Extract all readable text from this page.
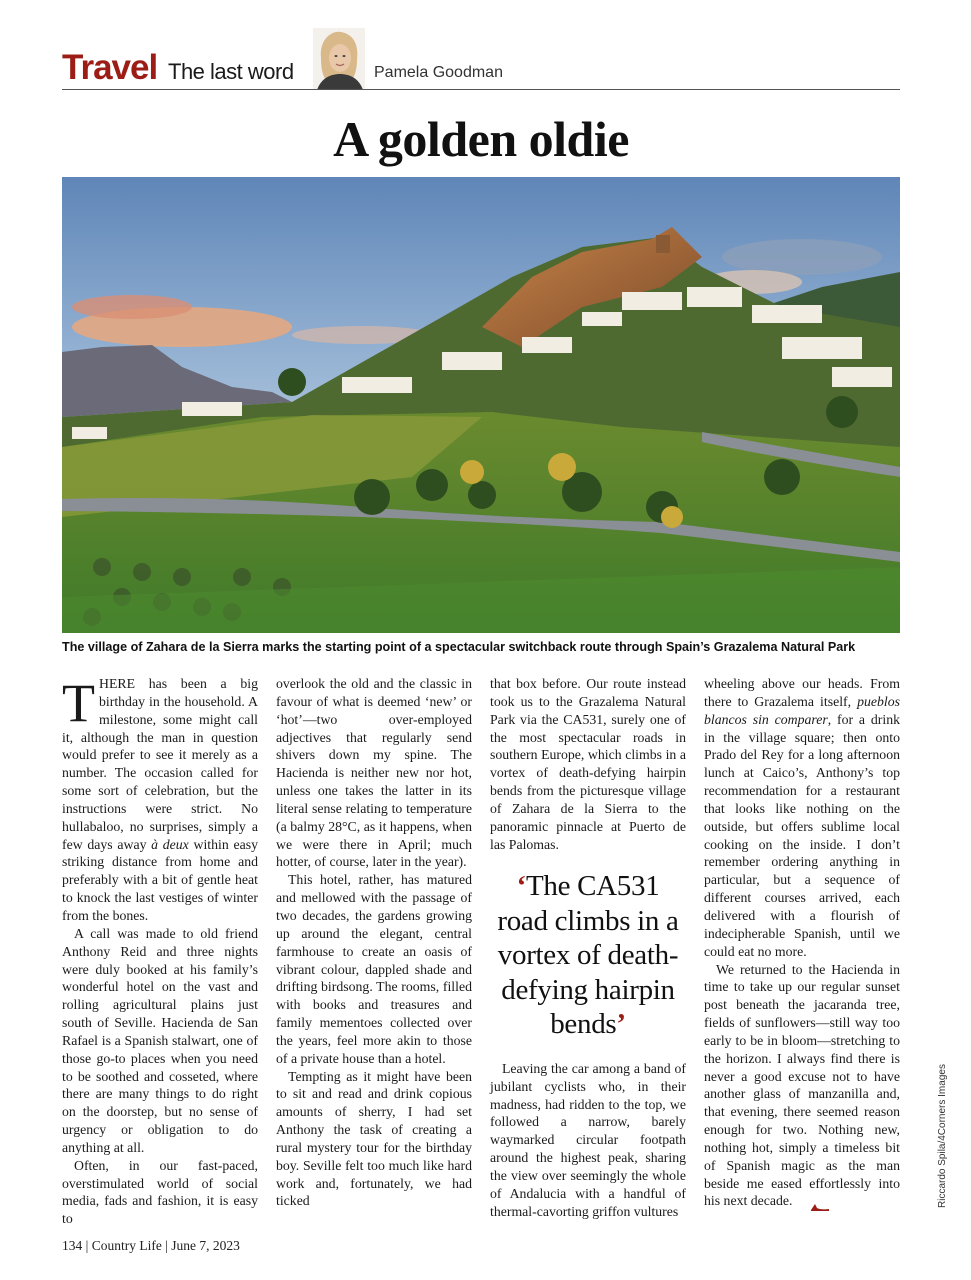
Travel The last word	Pamela Goodman
A golden oldie

The village of Zahara de la Sierra marks the starting point of a spectacular switchback route through Spain’s Grazalema Natural Park

THERE has been a big birthday in the household. A milestone, some might call it, although the man in question would prefer to see it merely as a number. The occasion called for some sort of celebration, but the instructions were strict. No hullabaloo, no surprises, simply a few days away à deux within easy striking distance from home and preferably with a bit of gentle heat to knock the last vestiges of winter from the bones.

A call was made to old friend Anthony Reid and three nights were duly booked at his family’s wonderful hotel on the vast and rolling agricultural plains just south of Seville. Hacienda de San Rafael is a Spanish stalwart, one of those go-to places when you need to be soothed and cosseted, where there are many things to do right on the doorstep, but no sense of urgency or obligation to do anything at all.

Often, in our fast-paced, overstimulated world of social media, fads and fashion, it is easy to

overlook the old and the classic in favour of what is deemed ‘new’ or ‘hot’—two over-employed adjectives that regularly send shivers down my spine. The Hacienda is neither new nor hot, unless one takes the latter in its literal sense relating to temperature (a balmy 28°C, as it happens, when we were there in April; much hotter, of course, later in the year).

This hotel, rather, has matured and mellowed with the passage of two decades, the gardens growing up around the elegant, central farmhouse to create an oasis of vibrant colour, dappled shade and drifting birdsong. The rooms, filled with books and treasures and family mementoes collected over the years, feel more akin to those of a private house than a hotel.

Tempting as it might have been to sit and read and drink copious amounts of sherry, I had set Anthony the task of creating a rural mystery tour for the birthday boy. Seville felt too much like hard work and, fortunately, we had ticked

that box before. Our route instead took us to the Grazalema Natural Park via the CA531, surely one of the most spectacular roads in southern Europe, which climbs in a vortex of death-defying hairpin bends from the picturesque village of Zahara de la Sierra to the panoramic pinnacle at Puerto de las Palomas.

‘The CA531 road climbs in a vortex of death-defying hairpin bends’

Leaving the car among a band of jubilant cyclists who, in their madness, had ridden to the top, we followed a narrow, barely waymarked circular footpath around the highest peak, sharing the view over seemingly the whole of Andalucia with a handful of thermal-cavorting griffon vultures

wheeling above our heads. From there to Grazalema itself, pueblos blancos sin comparer, for a drink in the village square; then onto Prado del Rey for a long afternoon lunch at Caico’s, Anthony’s top recommendation for a restaurant that looks like nothing on the outside, but offers sublime local cooking on the inside. I don’t remember ordering anything in particular, but a sequence of different courses arrived, each delivered with a flourish of indecipherable Spanish, until we could eat no more.

We returned to the Hacienda in time to take up our regular sunset post beneath the jacaranda tree, fields of sunflowers—still way too early to be in bloom—stretching to the horizon. I always find there is never a good excuse not to have another glass of manzanilla and, that evening, there seemed reason enough for two. Nothing new, nothing hot, simply a timeless bit of Spanish magic as the man beside me eased effortlessly into his next decade.	Riccardo Spila/4Corners Images
134 | Country Life | June 7, 2023
